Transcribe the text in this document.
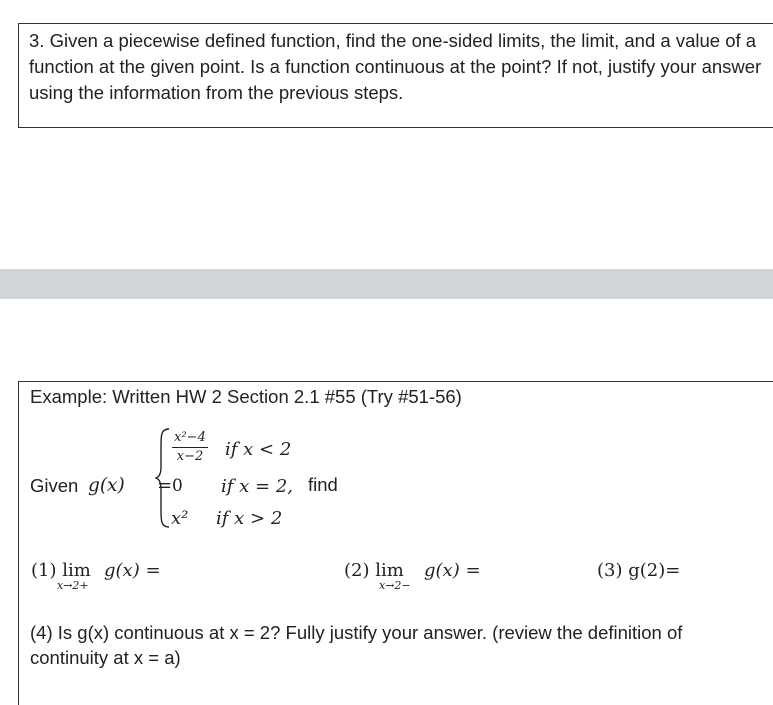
3. Given a piecewise defined function, find the one-sided limits, the limit, and a value of a function at the given point. Is a function continuous at the point? If not, justify your answer using the information from the previous steps.
Example: Written HW 2 Section 2.1 #55 (Try #51-56)
Given g(x) =
x²−4
x−2	if x < 2
0 if x = 2, find
x² if x > 2
(1) lim
x→2+
g(x) =	(2) lim
x→2−
g(x) =	(3) g(2)=
(4) Is g(x) continuous at x = 2? Fully justify your answer. (review the definition of continuity at x = a)
